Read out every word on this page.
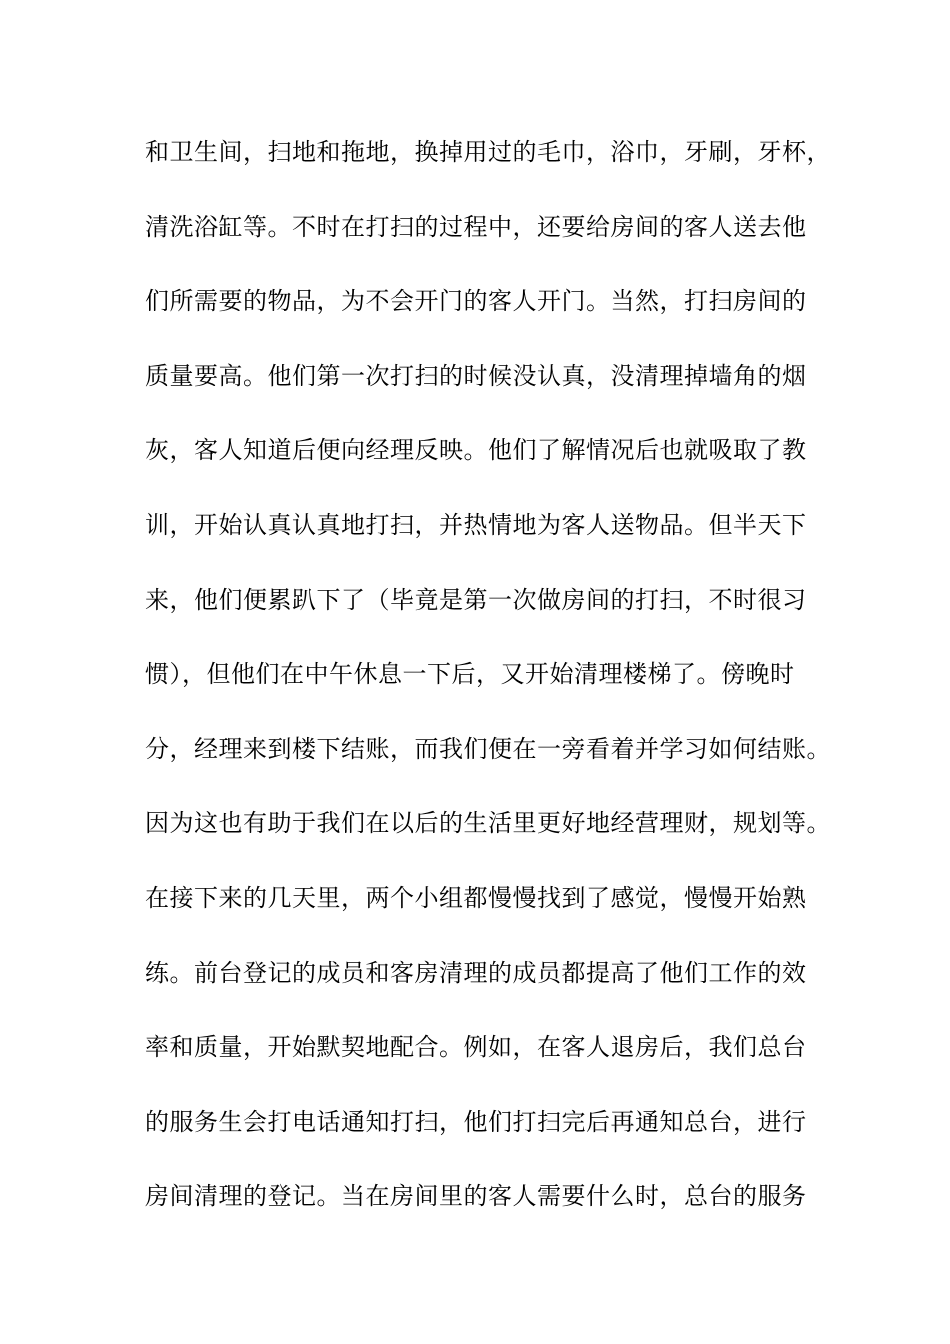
和卫生间，扫地和拖地，换掉用过的毛巾，浴巾，牙刷，牙杯，
清洗浴缸等。不时在打扫的过程中，还要给房间的客人送去他
们所需要的物品，为不会开门的客人开门。当然，打扫房间的
质量要高。他们第一次打扫的时候没认真，没清理掉墙角的烟
灰，客人知道后便向经理反映。他们了解情况后也就吸取了教
训，开始认真认真地打扫，并热情地为客人送物品。但半天下
来，他们便累趴下了（毕竟是第一次做房间的打扫，不时很习
惯），但他们在中午休息一下后，又开始清理楼梯了。傍晚时
分，经理来到楼下结账，而我们便在一旁看着并学习如何结账。
因为这也有助于我们在以后的生活里更好地经营理财，规划等。
在接下来的几天里，两个小组都慢慢找到了感觉，慢慢开始熟
练。前台登记的成员和客房清理的成员都提高了他们工作的效
率和质量，开始默契地配合。例如，在客人退房后，我们总台
的服务生会打电话通知打扫，他们打扫完后再通知总台，进行
房间清理的登记。当在房间里的客人需要什么时，总台的服务
